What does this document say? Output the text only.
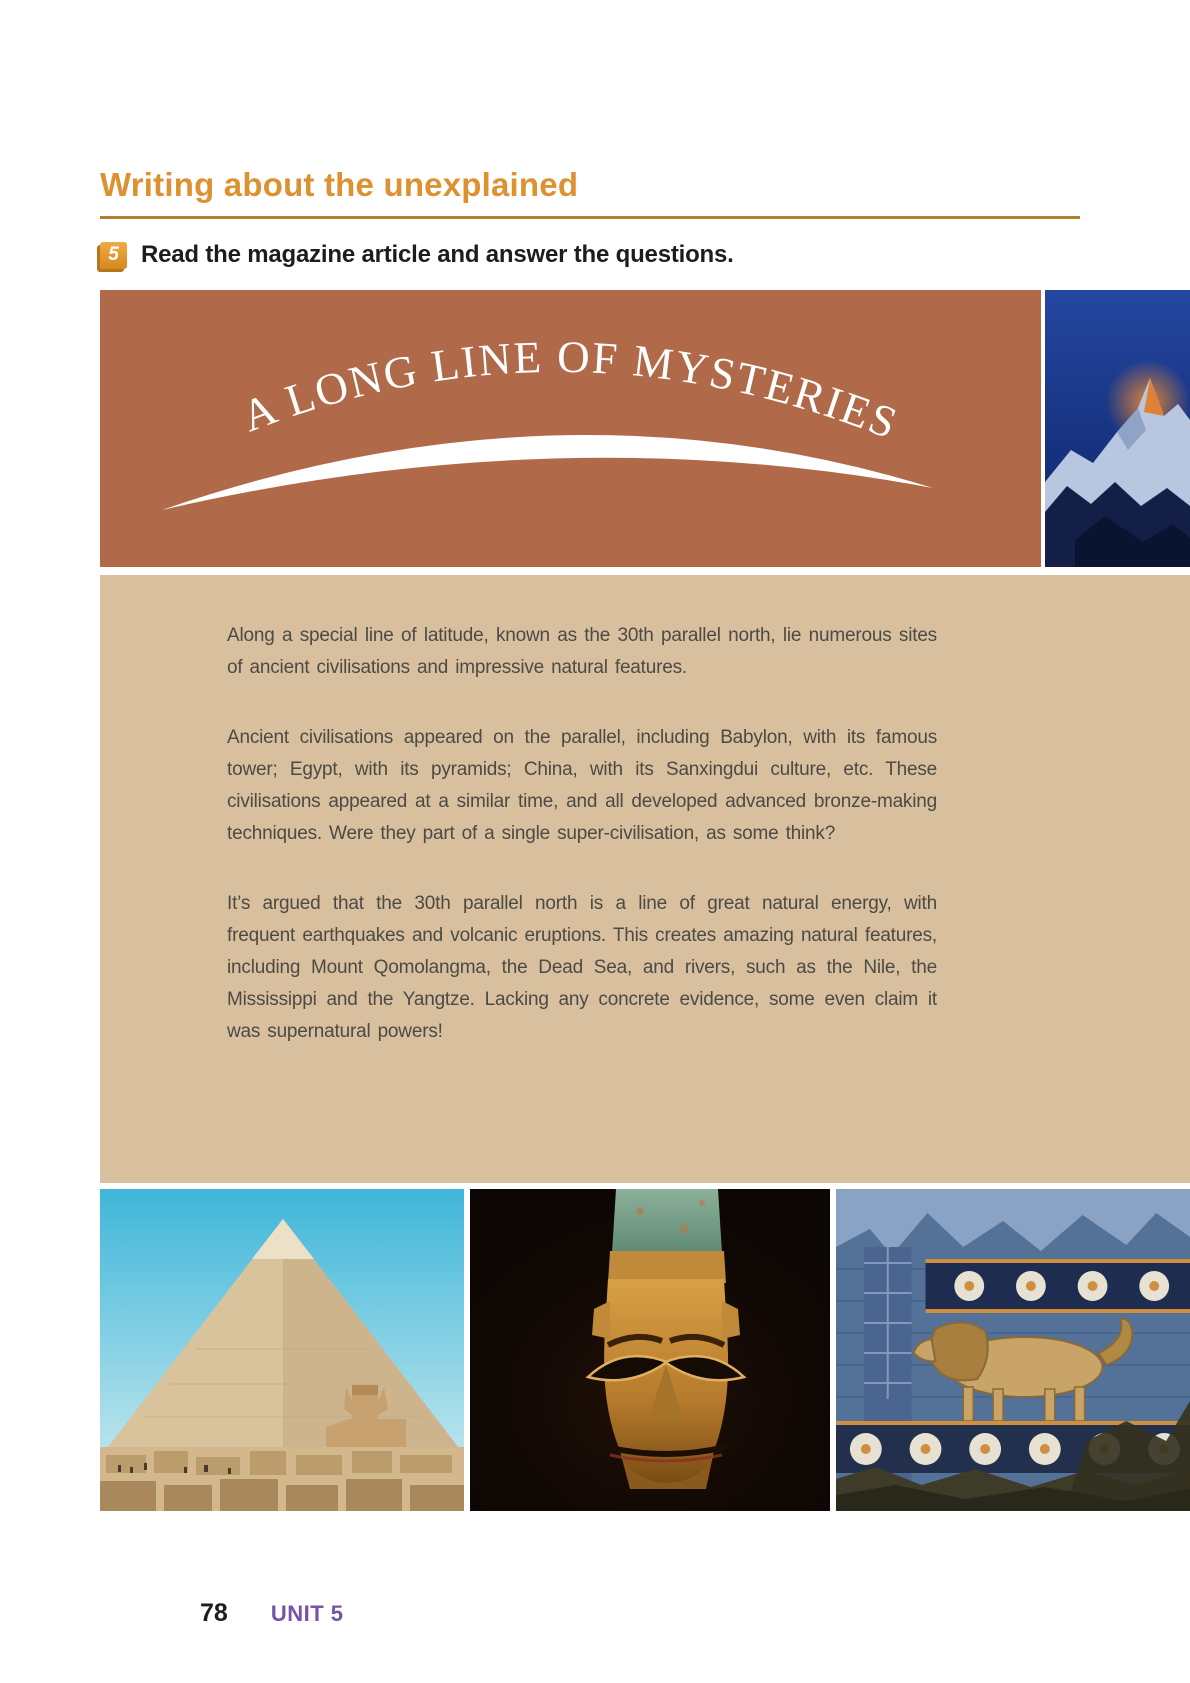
Writing about the unexplained
5 Read the magazine article and answer the questions.
A LONG LINE OF MYSTERIES

Along a special line of latitude, known as the 30th parallel north, lie numerous sites of ancient civilisations and impressive natural features.

Ancient civilisations appeared on the parallel, including Babylon, with its famous tower; Egypt, with its pyramids; China, with its Sanxingdui culture, etc. These civilisations appeared at a similar time, and all developed advanced bronze-making techniques. Were they part of a single super-civilisation, as some think?

It’s argued that the 30th parallel north is a line of great natural energy, with frequent earthquakes and volcanic eruptions. This creates amazing natural features, including Mount Qomolangma, the Dead Sea, and rivers, such as the Nile, the Mississippi and the Yangtze. Lacking any concrete evidence, some even claim it was supernatural powers!

78 UNIT 5
